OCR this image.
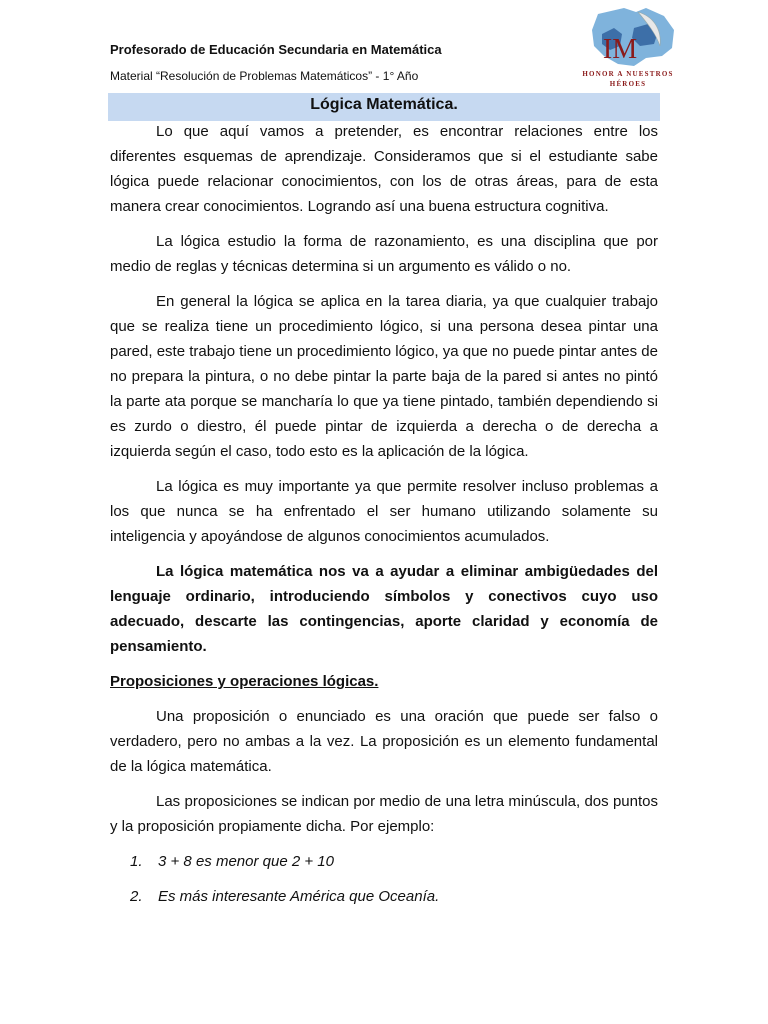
Profesorado de Educación Secundaria en Matemática
Material “Resolución de Problemas Matemáticos” - 1° Año
IM
HONOR A NUESTROS
HÉROES
Lógica Matemática.

Lo que aquí vamos a pretender, es encontrar relaciones entre los diferentes esquemas de aprendizaje. Consideramos que si el estudiante sabe lógica puede relacionar conocimientos, con los de otras áreas, para de esta manera crear conocimientos. Logrando así una buena estructura cognitiva.

La lógica estudio la forma de razonamiento, es una disciplina que por medio de reglas y técnicas determina si un argumento es válido o no.

En general la lógica se aplica en la tarea diaria, ya que cualquier trabajo que se realiza tiene un procedimiento lógico, si una persona desea pintar una pared, este trabajo tiene un procedimiento lógico, ya que no puede pintar antes de no prepara la pintura, o no debe pintar la parte baja de la pared si antes no pintó la parte ata porque se mancharía lo que ya tiene pintado, también dependiendo si es zurdo o diestro, él puede pintar de izquierda a derecha o de derecha a izquierda según el caso, todo esto es la aplicación de la lógica.

La lógica es muy importante ya que permite resolver incluso problemas a los que nunca se ha enfrentado el ser humano utilizando solamente su inteligencia y apoyándose de algunos conocimientos acumulados.

La lógica matemática nos va a ayudar a eliminar ambigüedades del lenguaje ordinario, introduciendo símbolos y conectivos cuyo uso adecuado, descarte las contingencias, aporte claridad y economía de pensamiento.

Proposiciones y operaciones lógicas.

Una proposición o enunciado es una oración que puede ser falso o verdadero, pero no ambas a la vez. La proposición es un elemento fundamental de la lógica matemática.

Las proposiciones se indican por medio de una letra minúscula, dos puntos y la proposición propiamente dicha. Por ejemplo:

1.	3 + 8 es menor que 2 + 10
2.	Es más interesante América que Oceanía.
